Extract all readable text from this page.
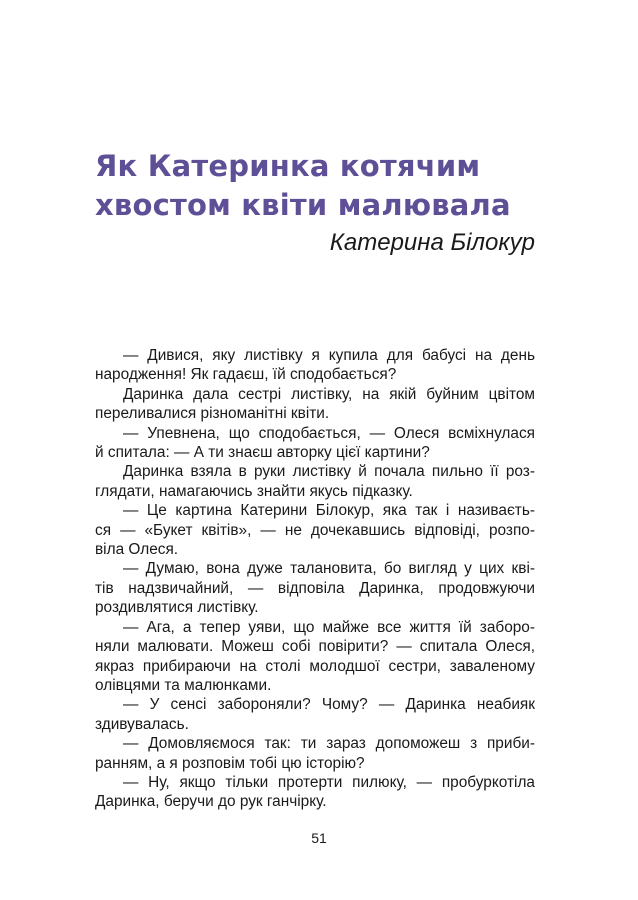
Як Катеринка котячим
хвостом квіти малювала

Катерина Білокур

— Дивися, яку листівку я купила для бабусі на день
народження! Як гадаєш, їй сподобається?
Даринка дала сестрі листівку, на якій буйним цвітом
переливалися різноманітні квіти.
— Упевнена, що сподобається, — Олеся всміхнулася
й спитала: — А ти знаєш авторку цієї картини?
Даринка взяла в руки листівку й почала пильно її роз-
глядати, намагаючись знайти якусь підказку.
— Це картина Катерини Білокур, яка так і називаєть-
ся — «Букет квітів», — не дочекавшись відповіді, розпо-
віла Олеся.
— Думаю, вона дуже талановита, бо вигляд у цих кві-
тів надзвичайний, — відповіла Даринка, продовжуючи
роздивлятися листівку.
— Ага, а тепер уяви, що майже все життя їй заборо-
няли малювати. Можеш собі повірити? — спитала Олеся,
якраз прибираючи на столі молодшої сестри, заваленому
олівцями та малюнками.
— У сенсі забороняли? Чому? — Даринка неабияк
здивувалась.
— Домовляємося так: ти зараз допоможеш з приби-
ранням, а я розповім тобі цю історію?
— Ну, якщо тільки протерти пилюку, — пробуркотіла
Даринка, беручи до рук ганчірку.
51
